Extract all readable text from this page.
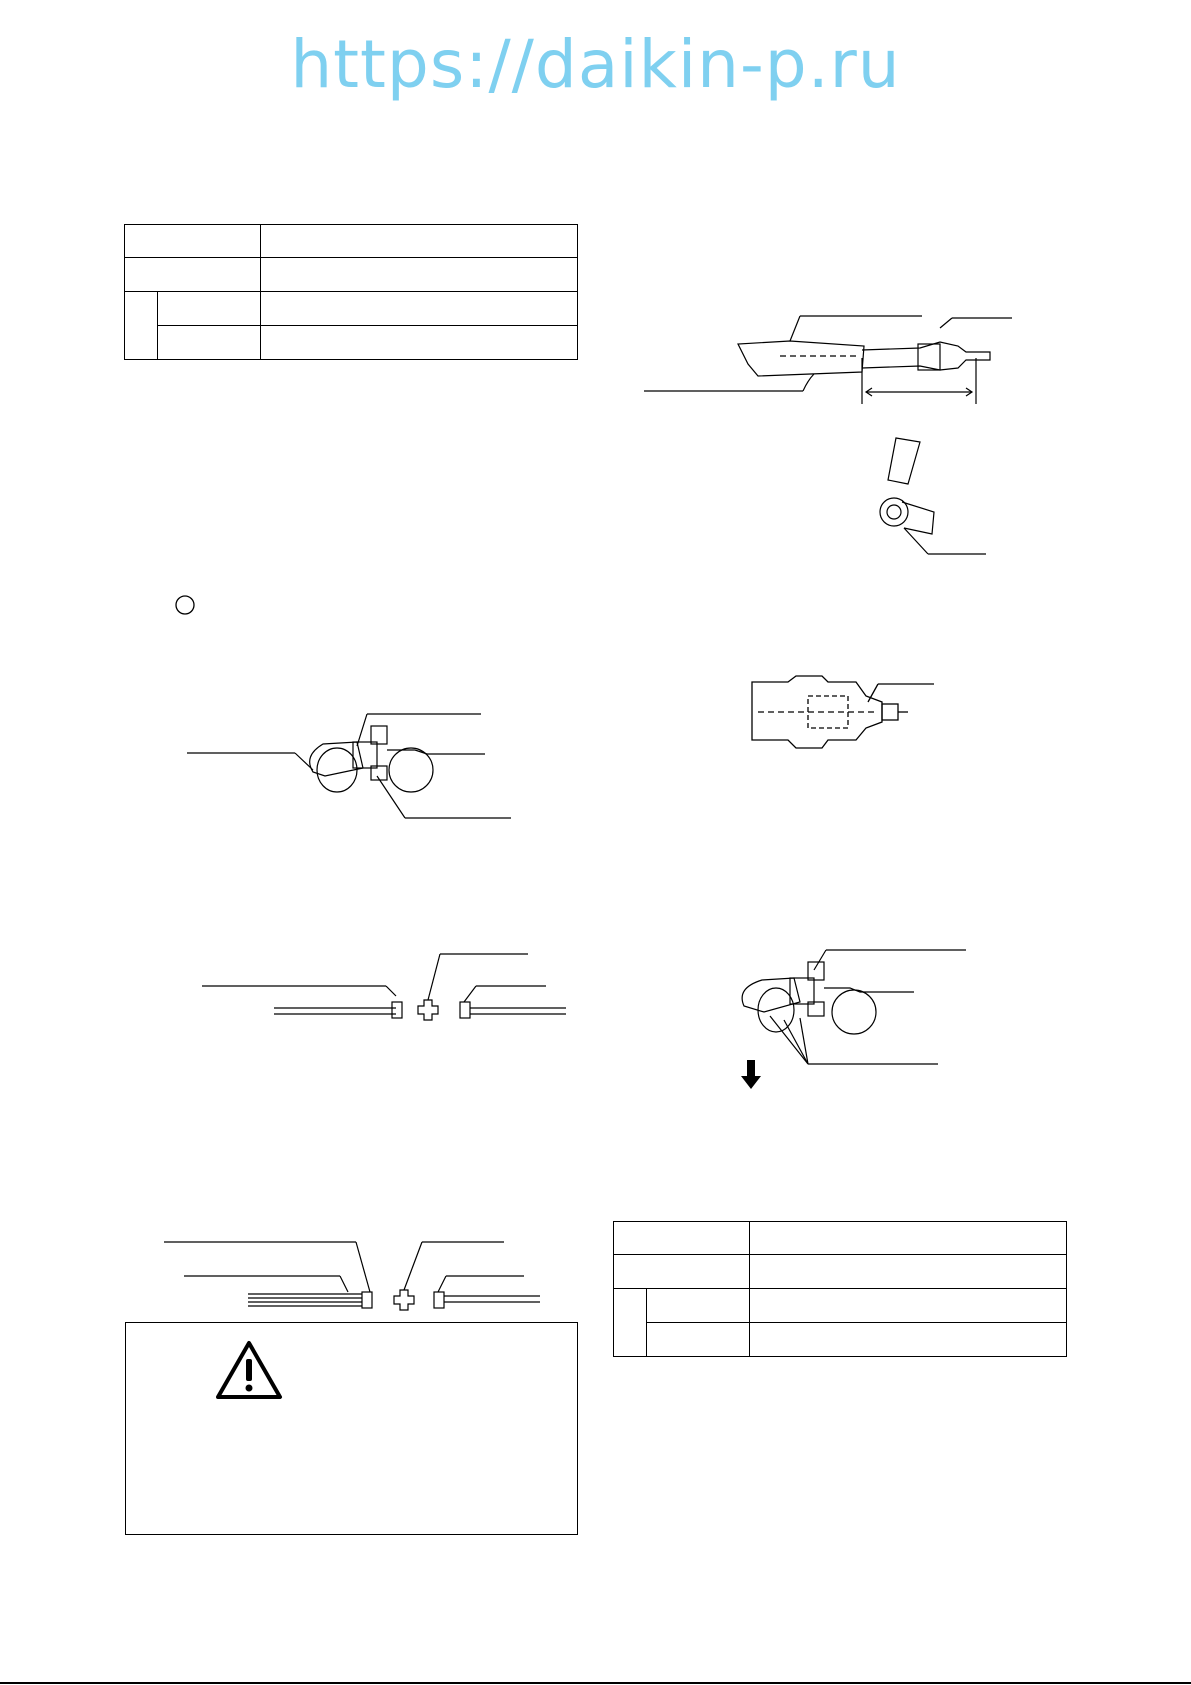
https://daikin-p.ru
